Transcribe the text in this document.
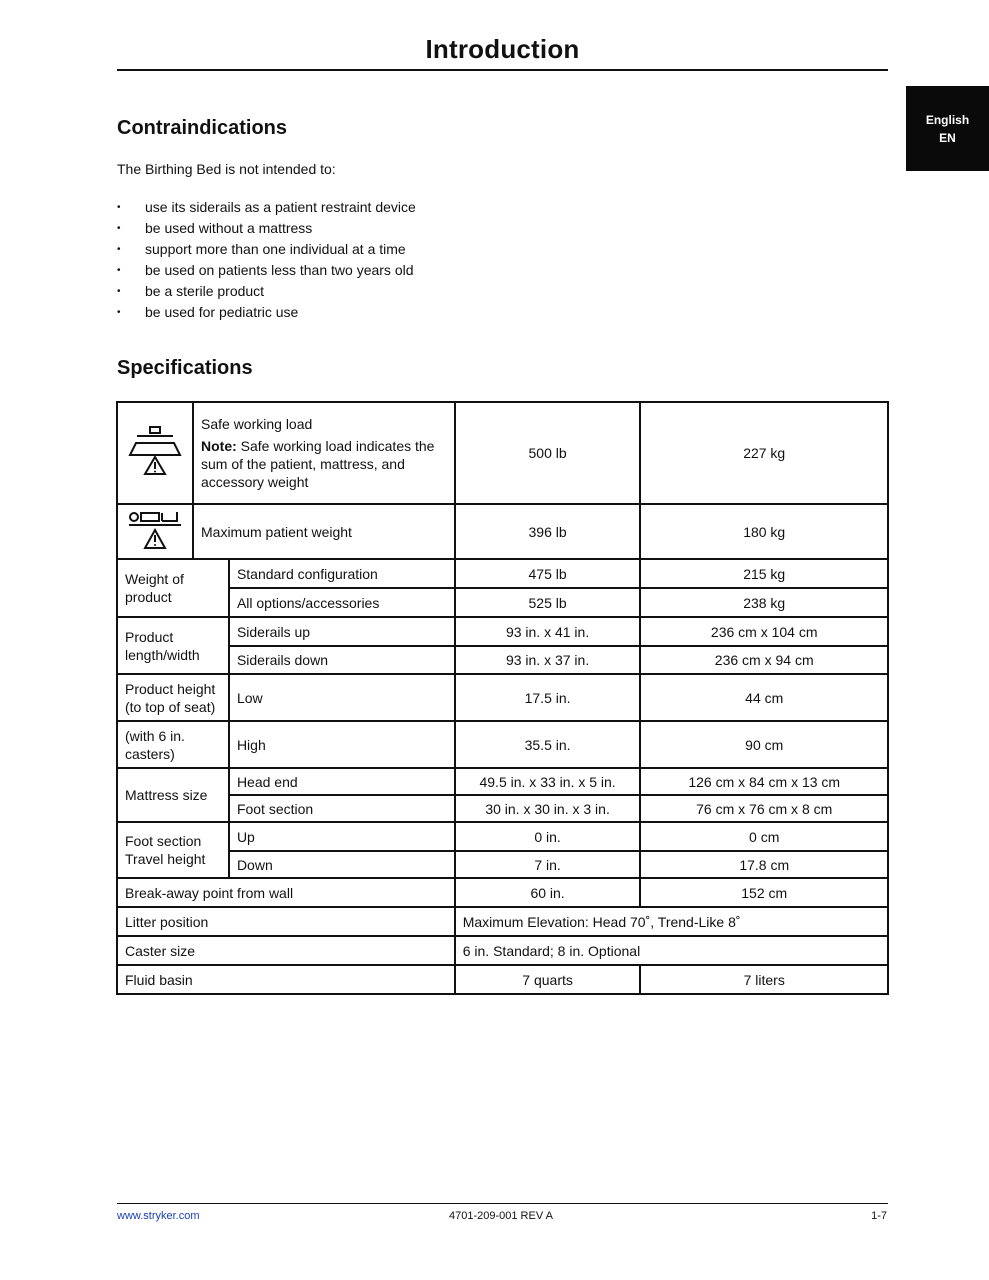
Introduction
English
EN
Contraindications
The Birthing Bed is not intended to:
• use its siderails as a patient restraint device
• be used without a mattress
• support more than one individual at a time
• be used on patients less than two years old
• be a sterile product
• be used for pediatric use
Specifications

Safe working load
Note: Safe working load indicates the sum of the patient, mattress, and accessory weight		500 lb	227 kg
	Maximum patient weight		396 lb	180 kg
Weight of product		Standard configuration	475 lb	215 kg
		All options/accessories	525 lb	238 kg
Product length/width		Siderails up	93 in. x 41 in.	236 cm x 104 cm
		Siderails down	93 in. x 37 in.	236 cm x 94 cm
Product height (to top of seat)		Low	17.5 in.	44 cm
(with 6 in. casters)		High	35.5 in.	90 cm
Mattress size		Head end	49.5 in. x 33 in. x 5 in.	126 cm x 84 cm x 13 cm
		Foot section	30 in. x 30 in. x 3 in.	76 cm x 76 cm x 8 cm
Foot section Travel height		Up	0 in.	0 cm
		Down	7 in.	17.8 cm
Break-away point from wall			60 in.	152 cm
Litter position			Maximum Elevation: Head 70˚, Trend-Like 8˚	
Caster size			6 in. Standard; 8 in. Optional	
Fluid basin			7 quarts	7 liters
www.stryker.com	4701-209-001 REV A	1-7
